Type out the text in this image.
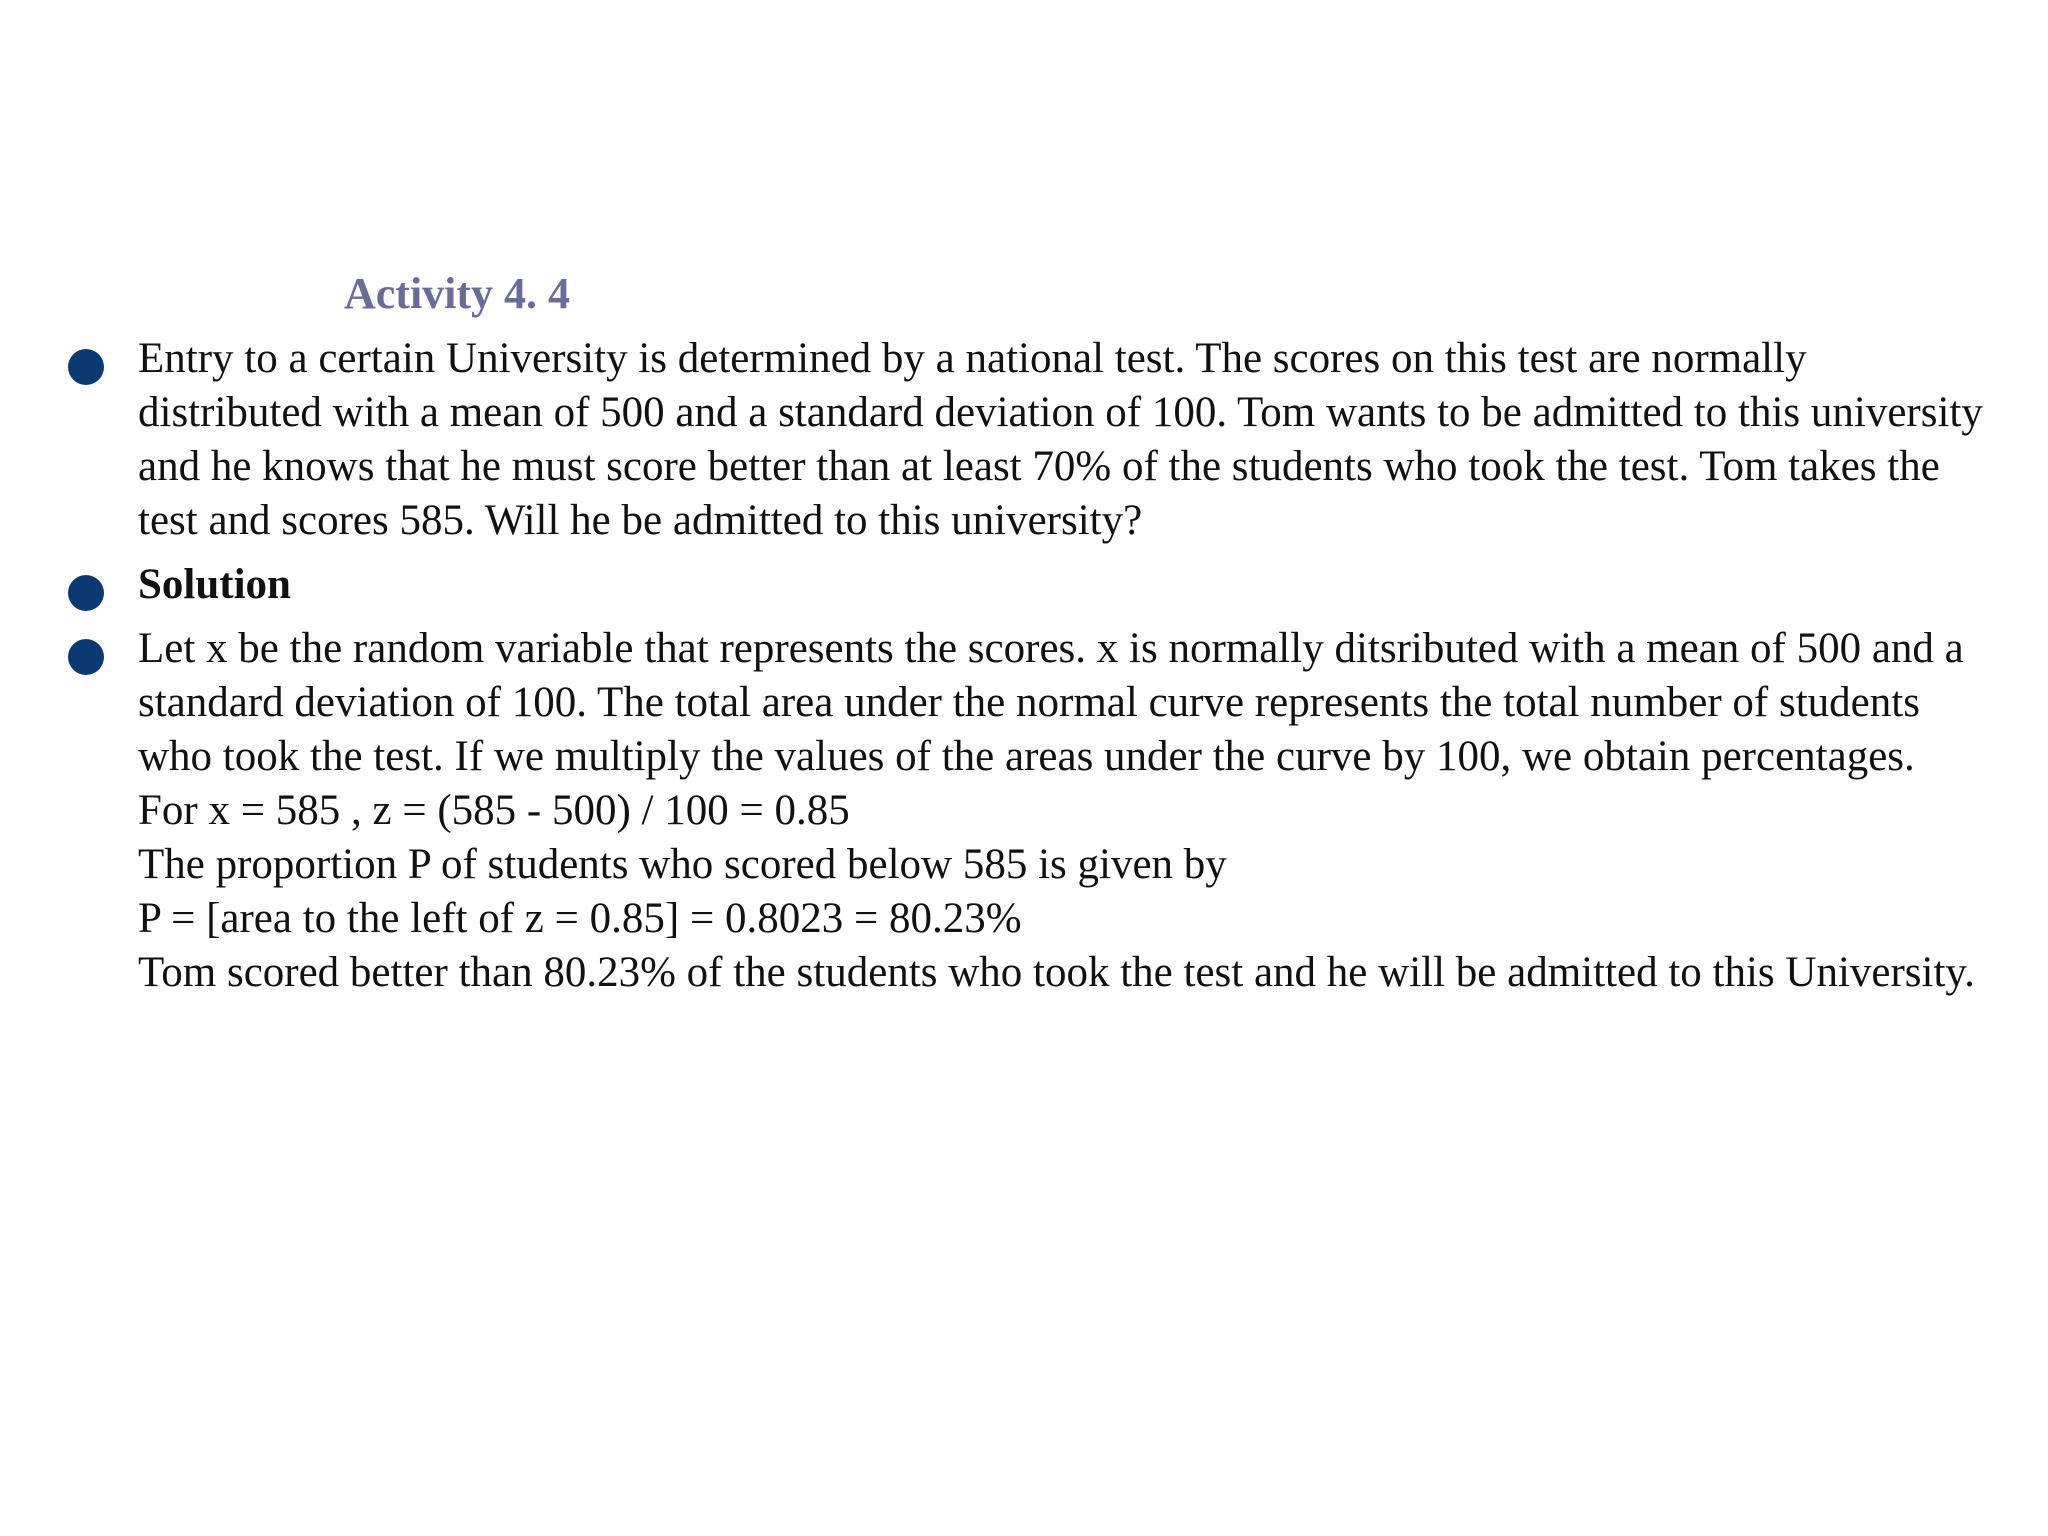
Activity 4. 4
Entry to a certain University is determined by a national test. The scores on this test are normally distributed with a mean of 500 and a standard deviation of 100. Tom wants to be admitted to this university and he knows that he must score better than at least 70% of the students who took the test. Tom takes the test and scores 585. Will he be admitted to this university?
Solution
Let x be the random variable that represents the scores. x is normally ditsributed with a mean of 500 and a standard deviation of 100. The total area under the normal curve represents the total number of students who took the test. If we multiply the values of the areas under the curve by 100, we obtain percentages.
For x = 585 , z = (585 - 500) / 100 = 0.85
The proportion P of students who scored below 585 is given by
P = [area to the left of z = 0.85] = 0.8023 = 80.23%
Tom scored better than 80.23% of the students who took the test and he will be admitted to this University.
